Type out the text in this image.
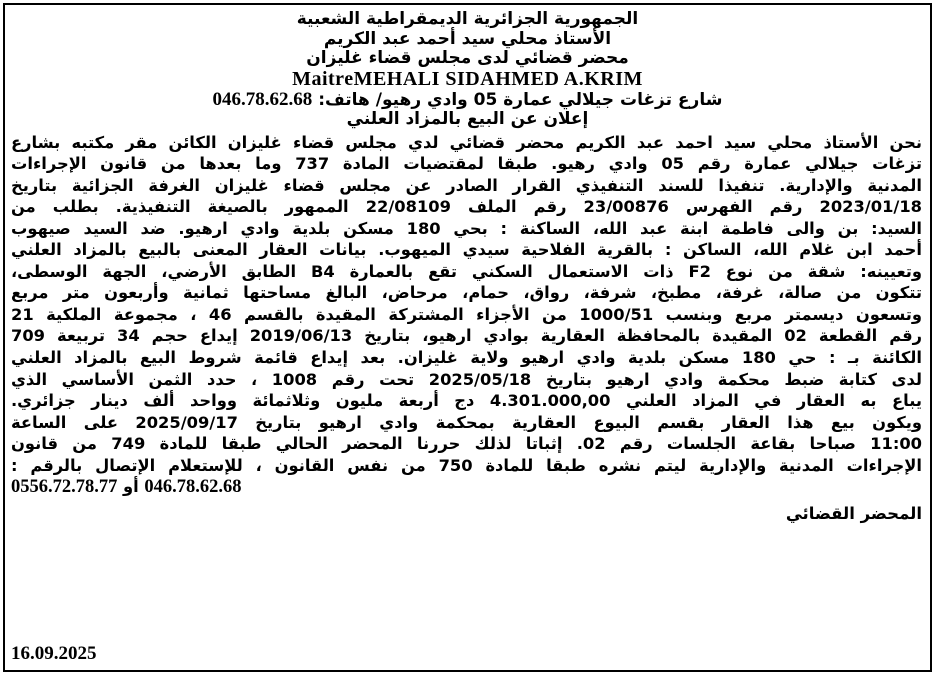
الجمهورية الجزائرية الديمقراطية الشعبية
الأستاذ محلي سيد أحمد عبد الكريم
محضر قضائي لدى مجلس قضاء غليزان
MaitreMEHALI SIDAHMED A.KRIM
شارع تزغات جيلالي عمارة 05 وادي رهيو/ هاتف: 046.78.62.68
إعلان عن البيع بالمزاد العلني
نحن الأستاذ محلي سيد احمد عبد الكريم محضر قضائي لدي مجلس قضاء غليزان الكائن مقر مكتبه بشارع
تزغات جيلالي عمارة رقم 05 وادي رهيو. طبقا لمقتضيات المادة 737 وما بعدها من قانون الإجراءات
المدنية والإدارية. تنفيذا للسند التنفيذي القرار الصادر عن مجلس قضاء غليزان الغرفة الجزائية بتاريخ
2023/01/18 رقم الفهرس 23/00876 رقم الملف 22/08109 الممهور بالصيغة التنفيذية. بطلب من
السيد: بن والى فاطمة ابنة عبد الله، الساكنة : بحي 180 مسكن بلدية وادي ارهيو. ضد السيد صيهوب
أحمد ابن غلام الله، الساكن : بالقرية الفلاحية سيدي الميهوب. بيانات العقار المعنى بالبيع بالمزاد العلني
وتعيينه: شقة من نوع F2 ذات الاستعمال السكني تقع بالعمارة B4 الطابق الأرضي، الجهة الوسطى،
تتكون من صالة، غرفة، مطبخ، شرفة، رواق، حمام، مرحاض، البالغ مساحتها ثمانية وأربعون متر مربع
وتسعون ديسمتر مربع وبنسب 1000/51 من الأجزاء المشتركة المقيدة بالقسم 46 ، مجموعة الملكية 21
رقم القطعة 02 المقيدة بالمحافظة العقارية بوادي ارهيو، بتاريخ 2019/06/13 إيداع حجم 34 تربيعة 709
الكائنة بـ : حي 180 مسكن بلدية وادي ارهيو ولاية غليزان. بعد إيداع قائمة شروط البيع بالمزاد العلني
لدى كتابة ضبط محكمة وادي ارهيو بتاريخ 2025/05/18 تحت رقم 1008 ، حدد الثمن الأساسي الذي
يباع به العقار في المزاد العلني 4.301.000,00 دج أربعة مليون وثلاثمائة وواحد ألف دينار جزائري.
ويكون بيع هذا العقار بقسم البيوع العقارية بمحكمة وادي ارهيو بتاريخ 2025/09/17 على الساعة
11:00 صباحا بقاعة الجلسات رقم 02. إثباتا لذلك حررنا المحضر الحالي طبقا للمادة 749 من قانون
الإجراءات المدنية والإدارية ليتم نشره طبقا للمادة 750 من نفس القانون ، للإستعلام الإتصال بالرقم :
046.78.62.68 أو 0556.72.78.77
المحضر القضائي
16.09.2025
